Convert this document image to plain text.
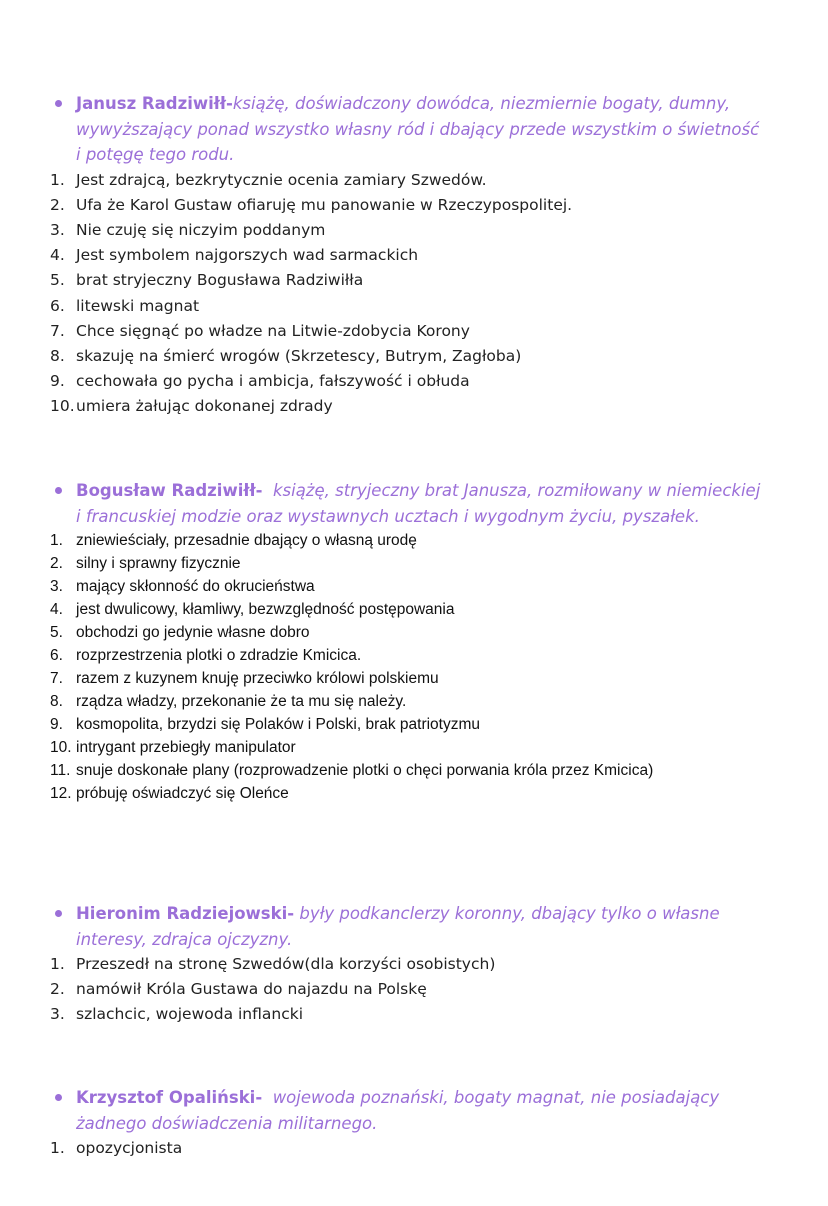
Janusz Radziwiłł-książę, doświadczony dowódca, niezmiernie bogaty, dumny, wywyższający ponad wszystko własny ród i dbający przede wszystkim o świetność i potęgę tego rodu.
1. Jest zdrajcą, bezkrytycznie ocenia zamiary Szwedów.
2. Ufa że Karol Gustaw ofiaruję mu panowanie w Rzeczypospolitej.
3. Nie czuję się niczyim poddanym
4. Jest symbolem najgorszych wad sarmackich
5. brat stryjeczny Bogusława Radziwiłła
6. litewski magnat
7. Chce sięgnąć po władze na Litwie-zdobycia Korony
8. skazuję na śmierć wrogów (Skrzetescy, Butrym, Zagłoba)
9. cechowała go pycha i ambicja, fałszywość i obłuda
10. umiera żałując dokonanej zdrady
Bogusław Radziwiłł- książę, stryjeczny brat Janusza, rozmiłowany w niemieckiej i francuskiej modzie oraz wystawnych ucztach i wygodnym życiu, pyszałek.
1. zniewieściały, przesadnie dbający o własną urodę
2. silny i sprawny fizycznie
3. mający skłonność do okrucieństwa
4. jest dwulicowy, kłamliwy, bezwzględność postępowania
5. obchodzi go jedynie własne dobro
6. rozprzestrzenia plotki o zdradzie Kmicica.
7. razem z kuzynem knuję przeciwko królowi polskiemu
8. rządza władzy, przekonanie że ta mu się należy.
9. kosmopolita, brzydzi się Polaków i Polski, brak patriotyzmu
10. intrygant przebiegły manipulator
11. snuje doskonałe plany (rozprowadzenie plotki o chęci porwania króla przez Kmicica)
12. próbuję oświadczyć się Oleńce
Hieronim Radziejowski- były podkanclerzy koronny, dbający tylko o własne interesy, zdrajca ojczyzny.
1. Przeszedł na stronę Szwedów(dla korzyści osobistych)
2. namówił Króla Gustawa do najazdu na Polskę
3. szlachcic, wojewoda inflancki
Krzysztof Opaliński- wojewoda poznański, bogaty magnat, nie posiadający żadnego doświadczenia militarnego.
1. opozycjonista
